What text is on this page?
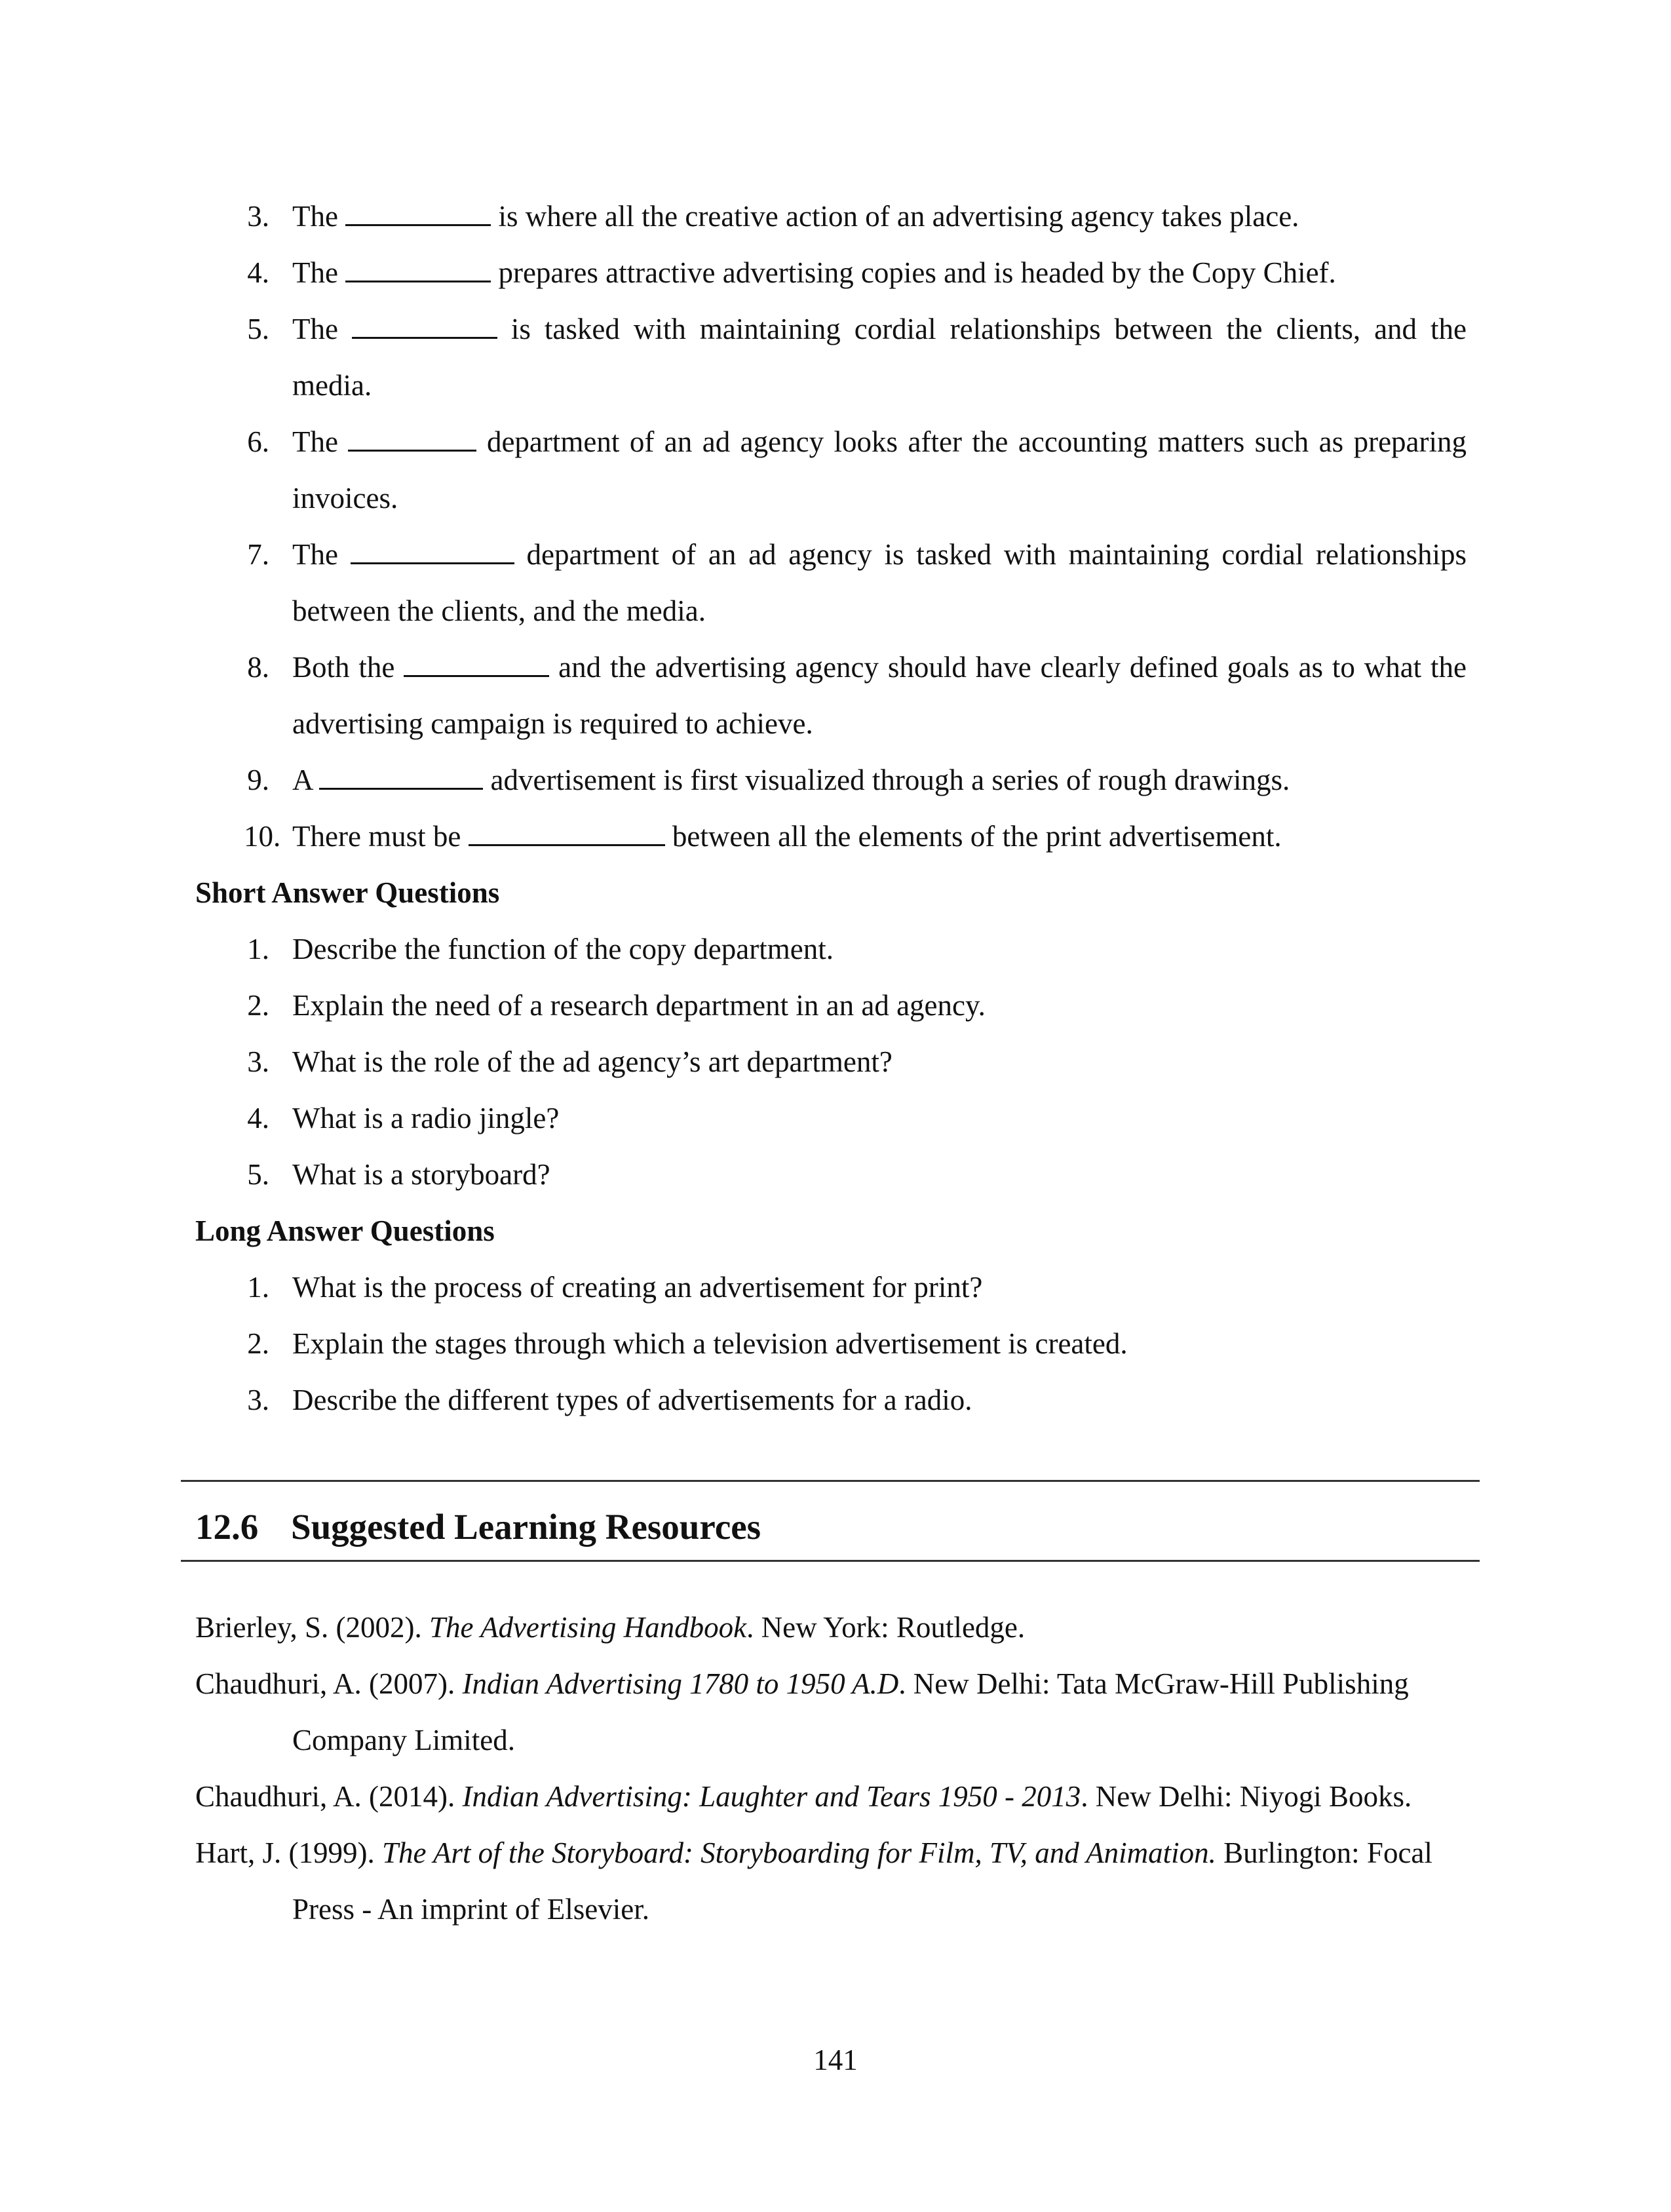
3. The	is where all the creative action of an advertising agency takes place.
4. The	prepares attractive advertising copies and is headed by the Copy Chief.
5. The	is tasked with maintaining cordial relationships between the clients, and the media.
6. The	department of an ad agency looks after the accounting matters such as preparing invoices.
7. The	department of an ad agency is tasked with maintaining cordial relationships between the clients, and the media.
8. Both the	and the advertising agency should have clearly defined goals as to what the advertising campaign is required to achieve.
9. A	advertisement is first visualized through a series of rough drawings.
10. There must be	between all the elements of the print advertisement.
Short Answer Questions
1. Describe the function of the copy department.
2. Explain the need of a research department in an ad agency.
3. What is the role of the ad agency’s art department?
4. What is a radio jingle?
5. What is a storyboard?
Long Answer Questions
1. What is the process of creating an advertisement for print?
2. Explain the stages through which a television advertisement is created.
3. Describe the different types of advertisements for a radio.
12.6 Suggested Learning Resources
Brierley, S. (2002). The Advertising Handbook. New York: Routledge.
Chaudhuri, A. (2007). Indian Advertising 1780 to 1950 A.D. New Delhi: Tata McGraw-Hill Publishing Company Limited.
Chaudhuri, A. (2014). Indian Advertising: Laughter and Tears 1950 - 2013. New Delhi: Niyogi Books.
Hart, J. (1999). The Art of the Storyboard: Storyboarding for Film, TV, and Animation. Burlington: Focal Press - An imprint of Elsevier.
141
